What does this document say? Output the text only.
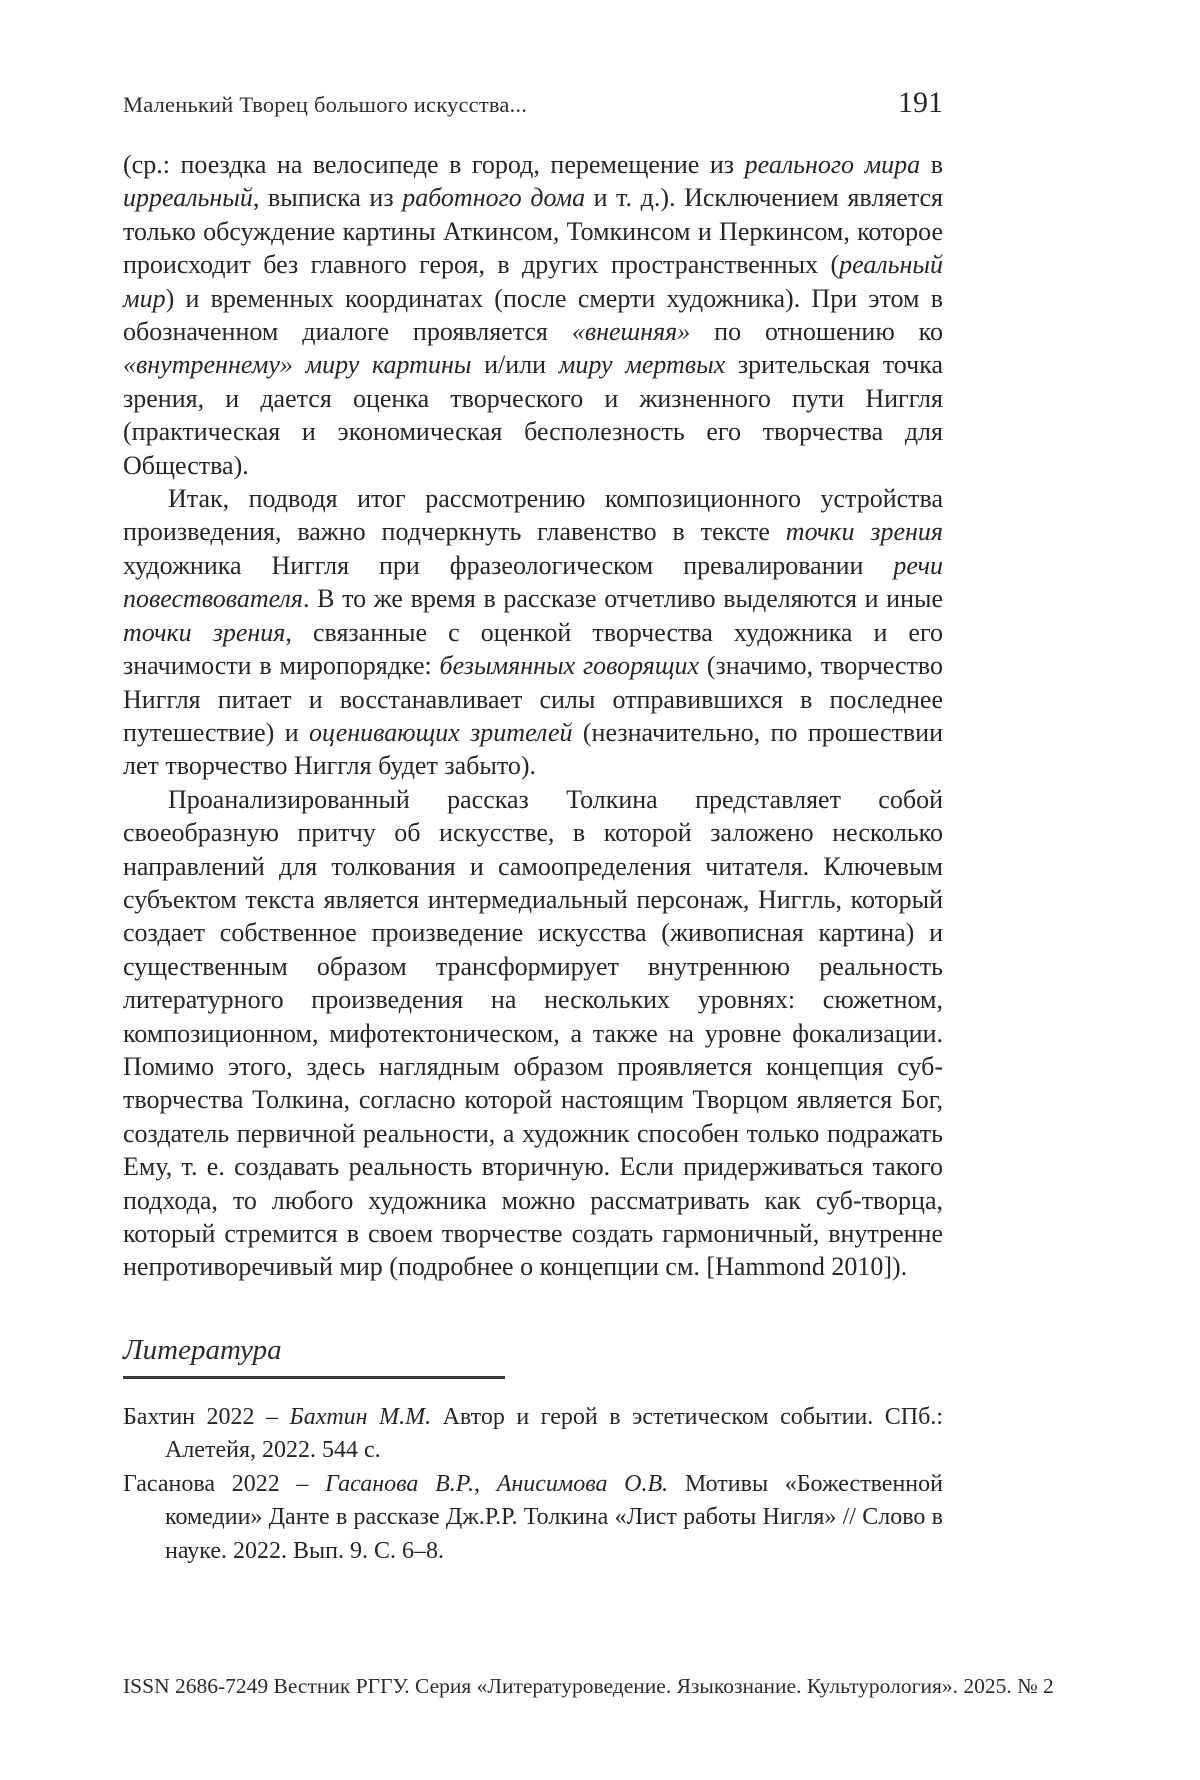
Маленький Творец большого искусства...	191

(ср.: поездка на велосипеде в город, перемещение из реального мира в ирреальный, выписка из работного дома и т. д.). Исключением является только обсуждение картины Аткинсом, Томкинсом и Перкинсом, которое происходит без главного героя, в других пространственных (реальный мир) и временных координатах (после смерти художника). При этом в обозначенном диалоге проявляется «внешняя» по отношению ко «внутреннему» миру картины и/или миру мертвых зрительская точка зрения, и дается оценка творческого и жизненного пути Ниггля (практическая и экономическая бесполезность его творчества для Общества).

Итак, подводя итог рассмотрению композиционного устройства произведения, важно подчеркнуть главенство в тексте точки зрения художника Ниггля при фразеологическом превалировании речи повествователя. В то же время в рассказе отчетливо выделяются и иные точки зрения, связанные с оценкой творчества художника и его значимости в миропорядке: безымянных говорящих (значимо, творчество Ниггля питает и восстанавливает силы отправившихся в последнее путешествие) и оценивающих зрителей (незначительно, по прошествии лет творчество Ниггля будет забыто).

Проанализированный рассказ Толкина представляет собой своеобразную притчу об искусстве, в которой заложено несколько направлений для толкования и самоопределения читателя. Ключевым субъектом текста является интермедиальный персонаж, Ниггль, который создает собственное произведение искусства (живописная картина) и существенным образом трансформирует внутреннюю реальность литературного произведения на нескольких уровнях: сюжетном, композиционном, мифотектоническом, а также на уровне фокализации. Помимо этого, здесь наглядным образом проявляется концепция суб-творчества Толкина, согласно которой настоящим Творцом является Бог, создатель первичной реальности, а художник способен только подражать Ему, т. е. создавать реальность вторичную. Если придерживаться такого подхода, то любого художника можно рассматривать как суб-творца, который стремится в своем творчестве создать гармоничный, внутренне непротиворечивый мир (подробнее о концепции см. [Hammond 2010]).

Литература

Бахтин 2022 – Бахтин М.М. Автор и герой в эстетическом событии. СПб.: Алетейя, 2022. 544 с.

Гасанова 2022 – Гасанова В.Р., Анисимова О.В. Мотивы «Божественной комедии» Данте в рассказе Дж.Р.Р. Толкина «Лист работы Нигля» // Слово в науке. 2022. Вып. 9. С. 6–8.

ISSN 2686-7249 Вестник РГГУ. Серия «Литературоведение. Языкознание. Культурология». 2025. № 2
